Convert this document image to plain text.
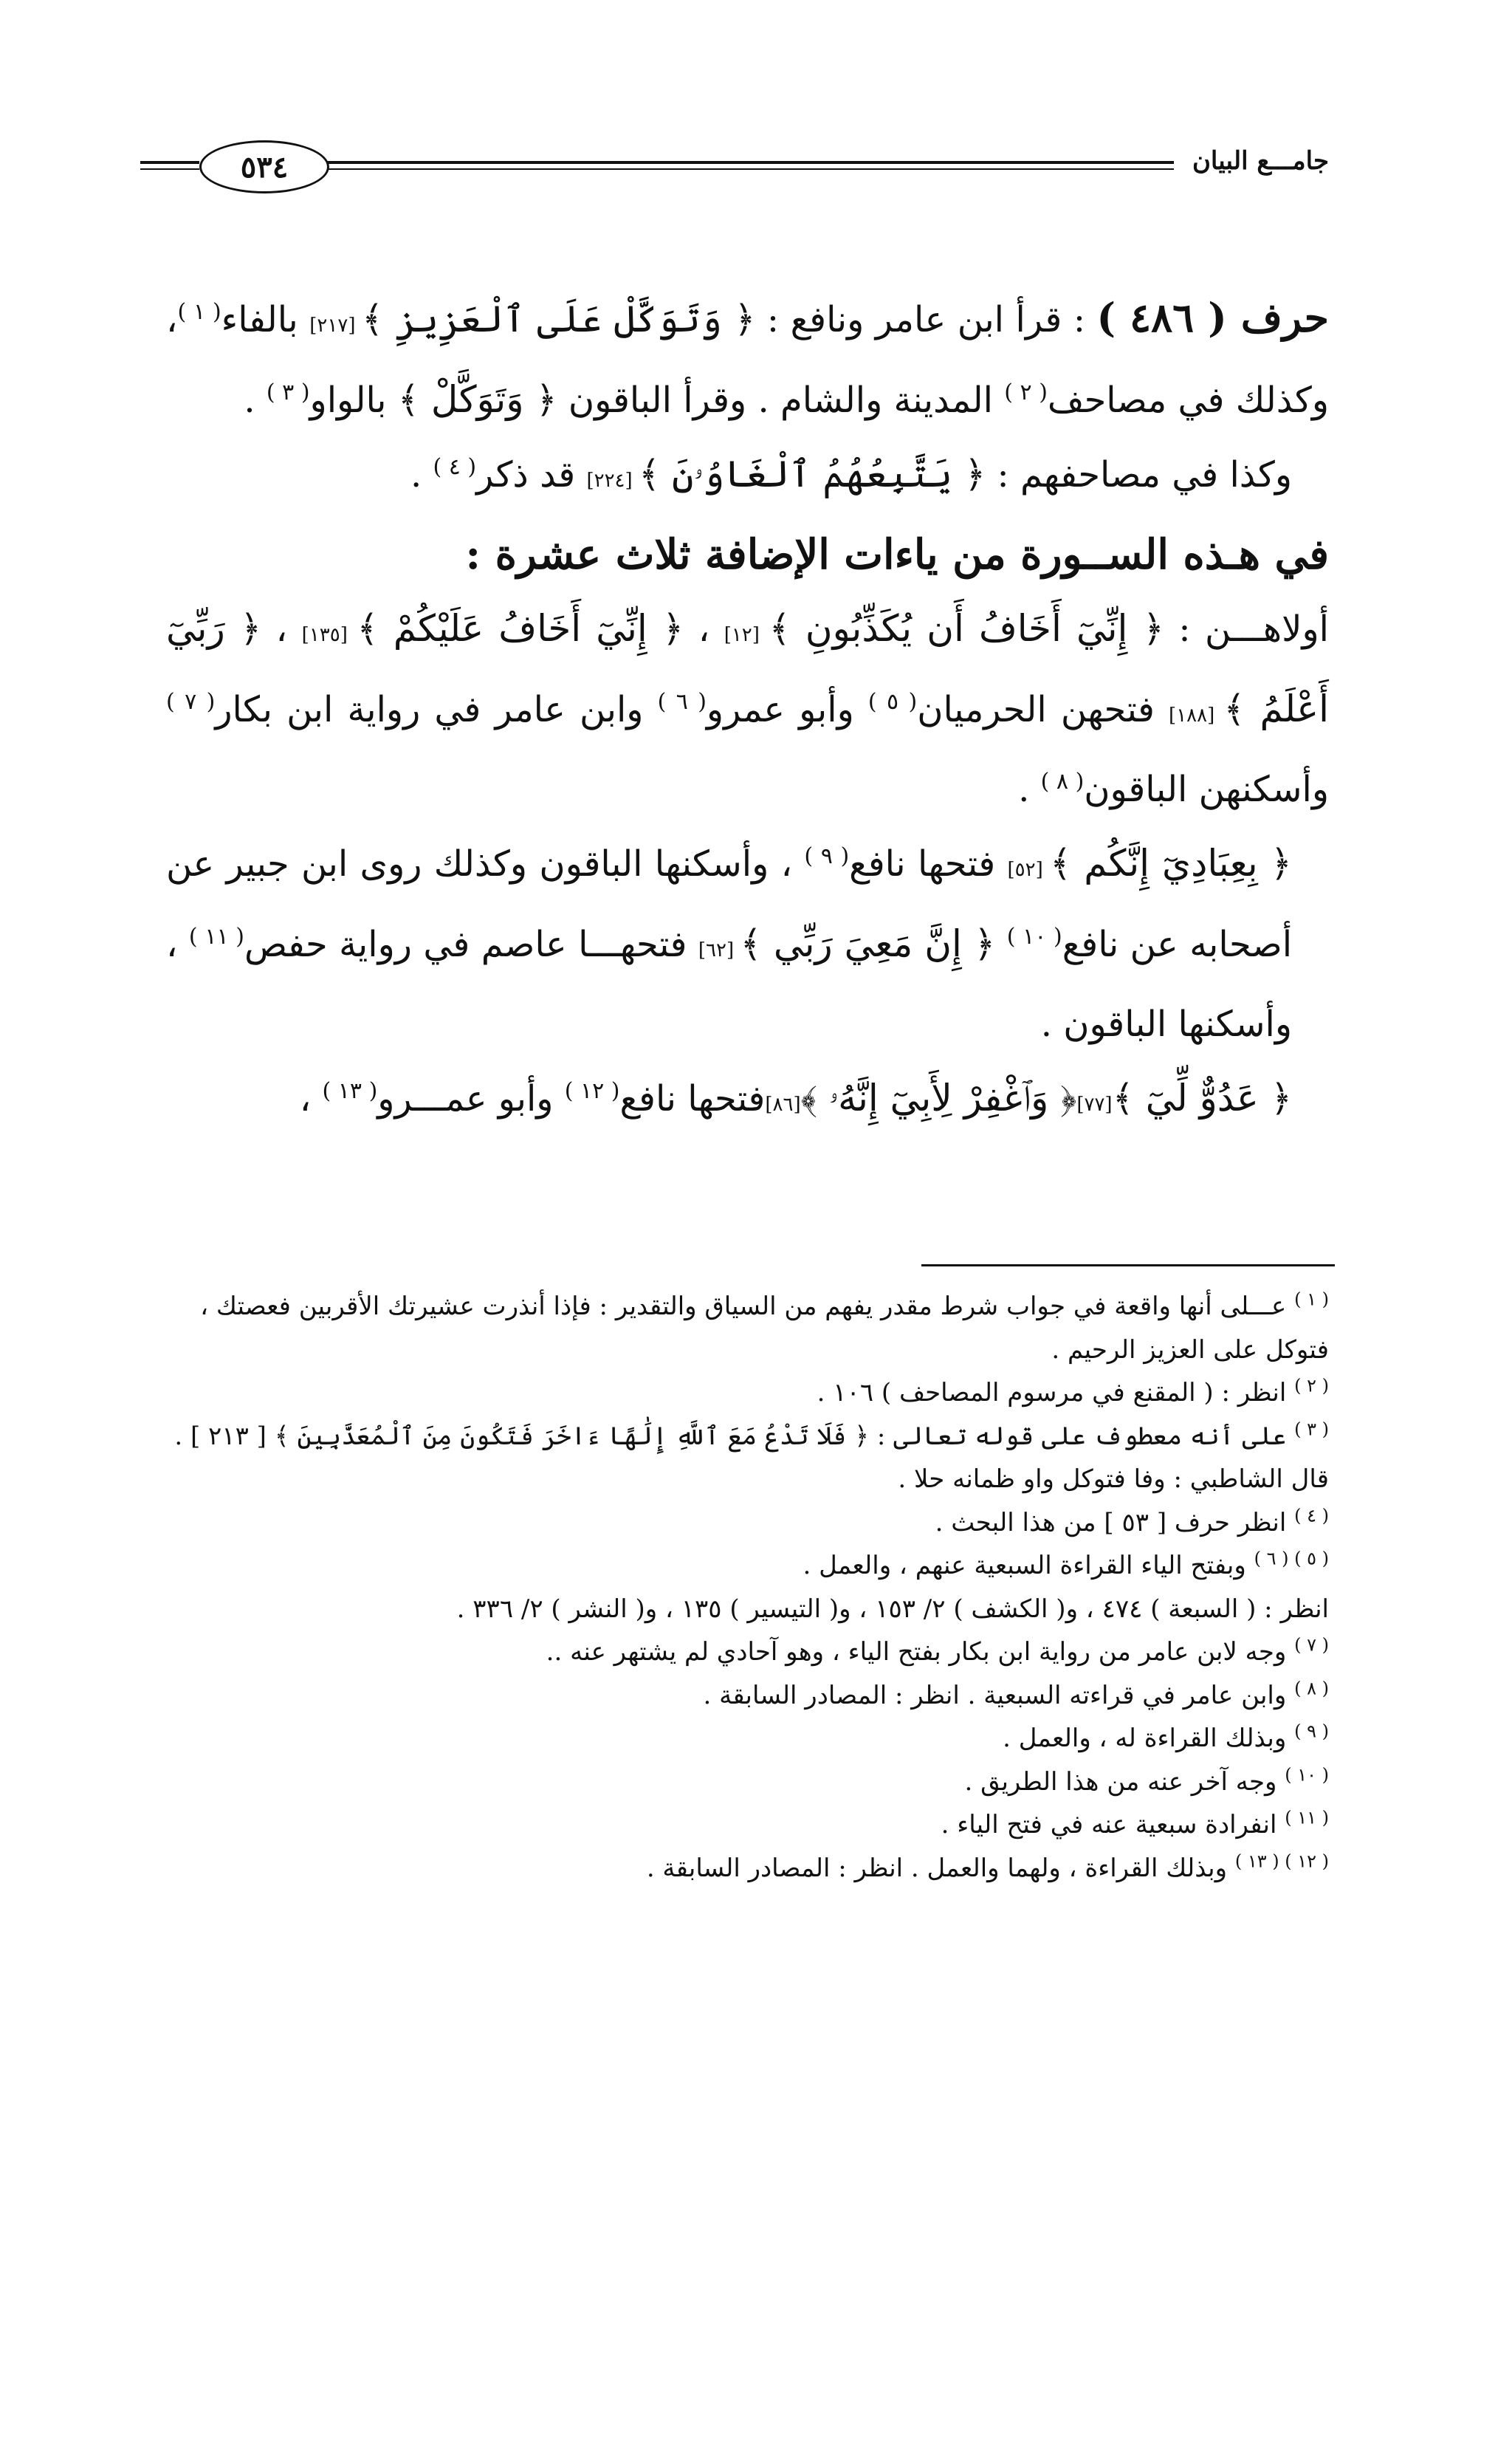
٥٣٤	جامـــع البيان

حرف ( ٤٨٦ ) : قرأ ابن عامر ونافع : ﴿ وَتَوَكَّلْ عَلَى ٱلْعَزِيزِ ﴾ [٢١٧] بالفاء$^{( ١ )}$، وكذلك في مصاحف$^{( ٢ )}$ المدينة والشام . وقرأ الباقون ﴿ وَتَوَكَّلْ ﴾ بالواو$^{( ٣ )}$ .

وكذا في مصاحفهم : ﴿ يَتَّبِعُهُمُ ٱلْغَاوُۥنَ ﴾ [٢٢٤] قد ذكر$^{( ٤ )}$ .

في هـذه الســورة من ياءات الإضافة ثلاث عشرة :

أولاهـــن : ﴿ إِنِّيٓ أَخَافُ أَن يُكَذِّبُونِ ﴾ [١٢] ، ﴿ إِنِّيٓ أَخَافُ عَلَيْكُمْ ﴾ [١٣٥] ، ﴿ رَبِّيٓ أَعْلَمُ ﴾ [١٨٨] فتحهن الحرميان$^{( ٥ )}$ وأبو عمرو$^{( ٦ )}$ وابن عامر في رواية ابن بكار$^{( ٧ )}$ وأسكنهن الباقون$^{( ٨ )}$ .

﴿ بِعِبَادِيٓ إِنَّكُم ﴾ [٥٢] فتحها نافع$^{( ٩ )}$ ، وأسكنها الباقون وكذلك روى ابن جبير عن أصحابه عن نافع$^{( ١٠ )}$ ﴿ إِنَّ مَعِيَ رَبِّي ﴾ [٦٢] فتحهـــا عاصم في رواية حفص$^{( ١١ )}$ ، وأسكنها الباقون .

﴿ عَدُوٌّ لِّيٓ ﴾[٧٧]﴿ وَٱغْفِرْ لِأَبِيٓ إِنَّهُۥ ﴾[٨٦]فتحها نافع$^{( ١٢ )}$ وأبو عمـــرو$^{( ١٣ )}$ ،

$^{( ١ )}$ عـــلى أنها واقعة في جواب شرط مقدر يفهم من السياق والتقدير : فإذا أنذرت عشيرتك الأقربين فعصتك ، فتوكل على العزيز الرحيم .

$^{( ٢ )}$ انظر : ( المقنع في مرسوم المصاحف ) ١٠٦ .

$^{( ٣ )}$ على أنه معطوف على قوله تعالى : ﴿ فَلَا تَدْعُ مَعَ ٱللَّهِ إِلَٰهًا ءَاخَرَ فَتَكُونَ مِنَ ٱلْمُعَذَّبِينَ ﴾ [ ٢١٣ ] .

قال الشاطبي : وفا فتوكل واو ظمانه حلا .

$^{( ٤ )}$ انظر حرف [ ٥٣ ] من هذا البحث .

$^{( ٥ ) ( ٦ )}$ وبفتح الياء القراءة السبعية عنهم ، والعمل .

انظر : ( السبعة ) ٤٧٤ ، و( الكشف ) ٢/ ١٥٣ ، و( التيسير ) ١٣٥ ، و( النشر ) ٢/ ٣٣٦ .

$^{( ٧ )}$ وجه لابن عامر من رواية ابن بكار بفتح الياء ، وهو آحادي لم يشتهر عنه ..

$^{( ٨ )}$ وابن عامر في قراءته السبعية . انظر : المصادر السابقة .

$^{( ٩ )}$ وبذلك القراءة له ، والعمل .

$^{( ١٠ )}$ وجه آخر عنه من هذا الطريق .

$^{( ١١ )}$ انفرادة سبعية عنه في فتح الياء .

$^{( ١٢ ) ( ١٣ )}$ وبذلك القراءة ، ولهما والعمل . انظر : المصادر السابقة .
